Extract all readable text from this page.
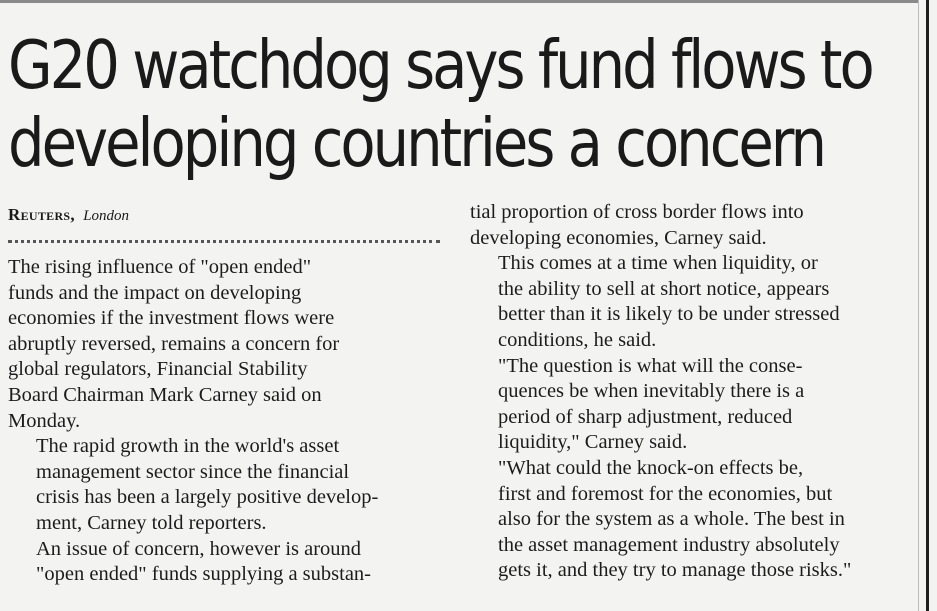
G20 watchdog says fund flows to
developing countries a concern
Reuters, London

The rising influence of "open ended"
funds and the impact on developing
economies if the investment flows were
abruptly reversed, remains a concern for
global regulators, Financial Stability
Board Chairman Mark Carney said on
Monday.

The rapid growth in the world's asset
management sector since the financial
crisis has been a largely positive develop-
ment, Carney told reporters.

An issue of concern, however is around
"open ended" funds supplying a substan-

tial proportion of cross border flows into
developing economies, Carney said.

This comes at a time when liquidity, or
the ability to sell at short notice, appears
better than it is likely to be under stressed
conditions, he said.

"The question is what will the conse-
quences be when inevitably there is a
period of sharp adjustment, reduced
liquidity," Carney said.

"What could the knock-on effects be,
first and foremost for the economies, but
also for the system as a whole. The best in
the asset management industry absolutely
gets it, and they try to manage those risks."
